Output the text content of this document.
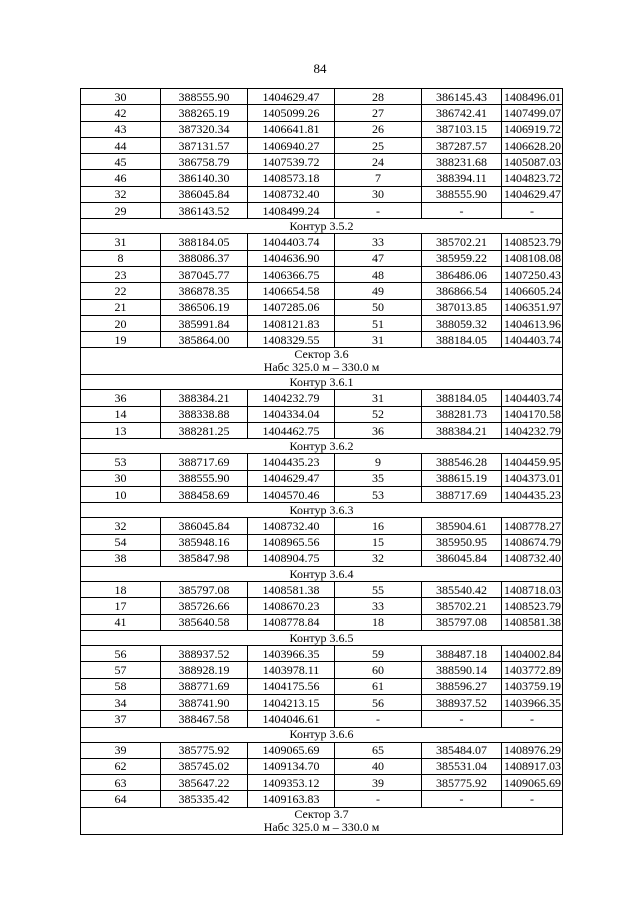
84
30	388555.90	1404629.47	28	386145.43	1408496.01
42	388265.19	1405099.26	27	386742.41	1407499.07
43	387320.34	1406641.81	26	387103.15	1406919.72
44	387131.57	1406940.27	25	387287.57	1406628.20
45	386758.79	1407539.72	24	388231.68	1405087.03
46	386140.30	1408573.18	7	388394.11	1404823.72
32	386045.84	1408732.40	30	388555.90	1404629.47
29	386143.52	1408499.24	-	-	-

Контур 3.5.2					

31	388184.05	1404403.74	33	385702.21	1408523.79
8	388086.37	1404636.90	47	385959.22	1408108.08
23	387045.77	1406366.75	48	386486.06	1407250.43
22	386878.35	1406654.58	49	386866.54	1406605.24
21	386506.19	1407285.06	50	387013.85	1406351.97
20	385991.84	1408121.83	51	388059.32	1404613.96
19	385864.00	1408329.55	31	388184.05	1404403.74

Сектор 3.6
Набс 325.0 м – 330.0 м					

Контур 3.6.1					

36	388384.21	1404232.79	31	388184.05	1404403.74
14	388338.88	1404334.04	52	388281.73	1404170.58
13	388281.25	1404462.75	36	388384.21	1404232.79

Контур 3.6.2					

53	388717.69	1404435.23	9	388546.28	1404459.95
30	388555.90	1404629.47	35	388615.19	1404373.01
10	388458.69	1404570.46	53	388717.69	1404435.23

Контур 3.6.3					

32	386045.84	1408732.40	16	385904.61	1408778.27
54	385948.16	1408965.56	15	385950.95	1408674.79
38	385847.98	1408904.75	32	386045.84	1408732.40

Контур 3.6.4					

18	385797.08	1408581.38	55	385540.42	1408718.03
17	385726.66	1408670.23	33	385702.21	1408523.79
41	385640.58	1408778.84	18	385797.08	1408581.38

Контур 3.6.5					

56	388937.52	1403966.35	59	388487.18	1404002.84
57	388928.19	1403978.11	60	388590.14	1403772.89
58	388771.69	1404175.56	61	388596.27	1403759.19
34	388741.90	1404213.15	56	388937.52	1403966.35
37	388467.58	1404046.61	-	-	-

Контур 3.6.6					

39	385775.92	1409065.69	65	385484.07	1408976.29
62	385745.02	1409134.70	40	385531.04	1408917.03
63	385647.22	1409353.12	39	385775.92	1409065.69
64	385335.42	1409163.83	-	-	-

Сектор 3.7
Набс 325.0 м – 330.0 м					
